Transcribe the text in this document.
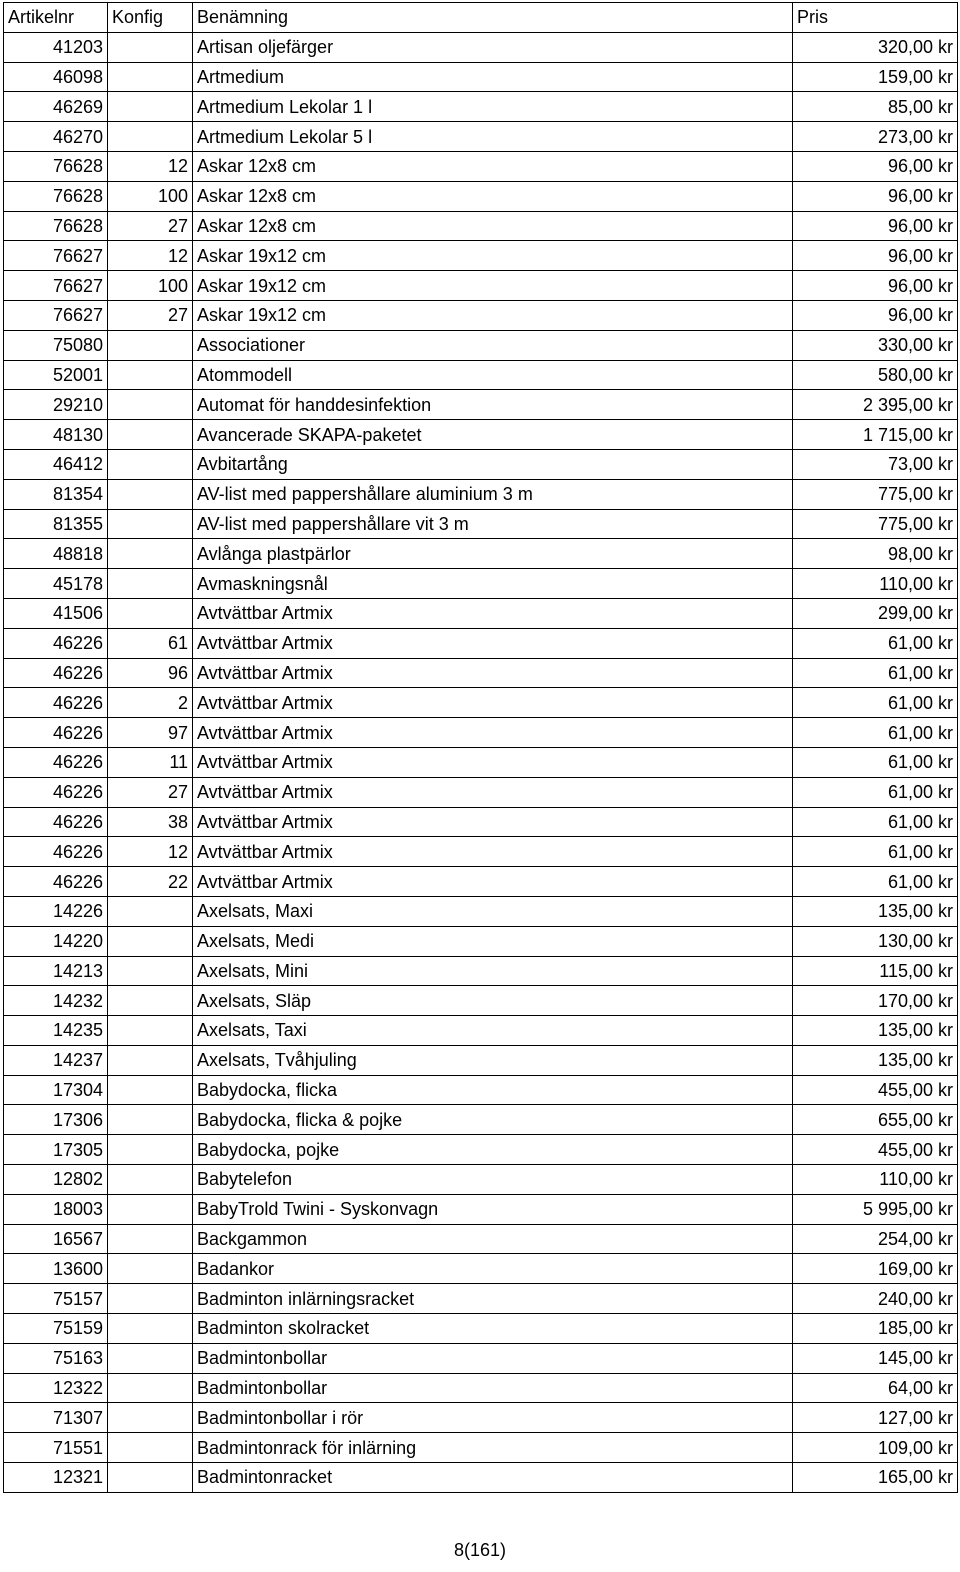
Artikelnr	Konfig	Benämning	Pris
41203		Artisan oljefärger	320,00 kr
46098		Artmedium	159,00 kr
46269		Artmedium Lekolar 1 l	85,00 kr
46270		Artmedium Lekolar 5 l	273,00 kr
76628	12	Askar 12x8 cm	96,00 kr
76628	100	Askar 12x8 cm	96,00 kr
76628	27	Askar 12x8 cm	96,00 kr
76627	12	Askar 19x12 cm	96,00 kr
76627	100	Askar 19x12 cm	96,00 kr
76627	27	Askar 19x12 cm	96,00 kr
75080		Associationer	330,00 kr
52001		Atommodell	580,00 kr
29210		Automat för handdesinfektion	2 395,00 kr
48130		Avancerade SKAPA-paketet	1 715,00 kr
46412		Avbitartång	73,00 kr
81354		AV-list med pappershållare aluminium 3 m	775,00 kr
81355		AV-list med pappershållare vit 3 m	775,00 kr
48818		Avlånga plastpärlor	98,00 kr
45178		Avmaskningsnål	110,00 kr
41506		Avtvättbar Artmix	299,00 kr
46226	61	Avtvättbar Artmix	61,00 kr
46226	96	Avtvättbar Artmix	61,00 kr
46226	2	Avtvättbar Artmix	61,00 kr
46226	97	Avtvättbar Artmix	61,00 kr
46226	11	Avtvättbar Artmix	61,00 kr
46226	27	Avtvättbar Artmix	61,00 kr
46226	38	Avtvättbar Artmix	61,00 kr
46226	12	Avtvättbar Artmix	61,00 kr
46226	22	Avtvättbar Artmix	61,00 kr
14226		Axelsats, Maxi	135,00 kr
14220		Axelsats, Medi	130,00 kr
14213		Axelsats, Mini	115,00 kr
14232		Axelsats, Släp	170,00 kr
14235		Axelsats, Taxi	135,00 kr
14237		Axelsats, Tvåhjuling	135,00 kr
17304		Babydocka, flicka	455,00 kr
17306		Babydocka, flicka & pojke	655,00 kr
17305		Babydocka, pojke	455,00 kr
12802		Babytelefon	110,00 kr
18003		BabyTrold Twini - Syskonvagn	5 995,00 kr
16567		Backgammon	254,00 kr
13600		Badankor	169,00 kr
75157		Badminton inlärningsracket	240,00 kr
75159		Badminton skolracket	185,00 kr
75163		Badmintonbollar	145,00 kr
12322		Badmintonbollar	64,00 kr
71307		Badmintonbollar i rör	127,00 kr
71551		Badmintonrack för inlärning	109,00 kr
12321		Badmintonracket	165,00 kr
8(161)
